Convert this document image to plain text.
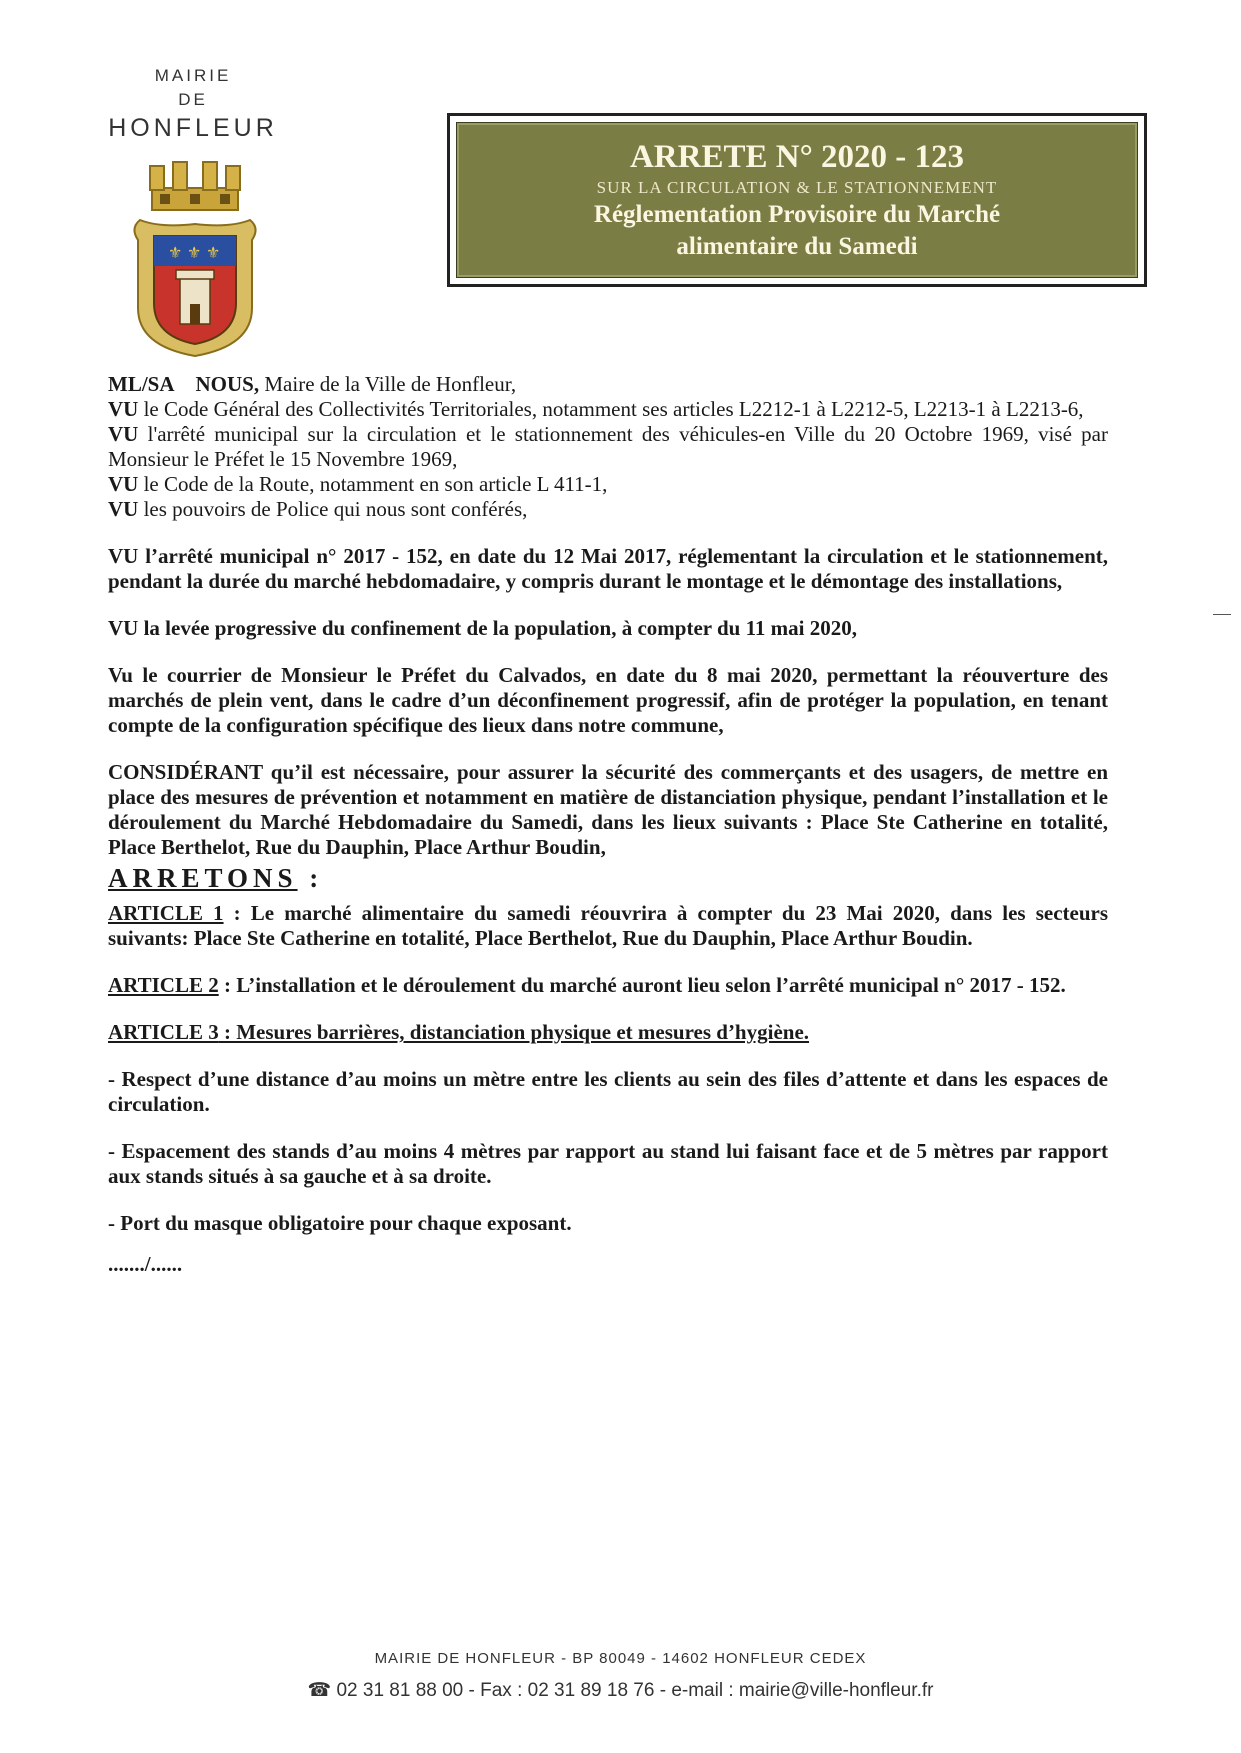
MAIRIE
DE
HONFLEUR
⚜ ⚜ ⚜
ARRETE N° 2020 - 123
SUR LA CIRCULATION & LE STATIONNEMENT
Réglementation Provisoire du Marché
alimentaire du Samedi

ML/SA NOUS, Maire de la Ville de Honfleur,

VU le Code Général des Collectivités Territoriales, notamment ses articles L2212-1 à L2212-5, L2213-1 à L2213-6,

VU l'arrêté municipal sur la circulation et le stationnement des véhicules-en Ville du 20 Octobre 1969, visé par Monsieur le Préfet le 15 Novembre 1969,

VU le Code de la Route, notamment en son article L 411-1,

VU les pouvoirs de Police qui nous sont conférés,

VU l’arrêté municipal n° 2017 - 152, en date du 12 Mai 2017, réglementant la circulation et le stationnement, pendant la durée du marché hebdomadaire, y compris durant le montage et le démontage des installations,

VU la levée progressive du confinement de la population, à compter du 11 mai 2020,

Vu le courrier de Monsieur le Préfet du Calvados, en date du 8 mai 2020, permettant la réouverture des marchés de plein vent, dans le cadre d’un déconfinement progressif, afin de protéger la population, en tenant compte de la configuration spécifique des lieux dans notre commune,

CONSIDÉRANT qu’il est nécessaire, pour assurer la sécurité des commerçants et des usagers, de mettre en place des mesures de prévention et notamment en matière de distanciation physique, pendant l’installation et le déroulement du Marché Hebdomadaire du Samedi, dans les lieux suivants : Place Ste Catherine en totalité, Place Berthelot, Rue du Dauphin, Place Arthur Boudin,

ARRETONS :

ARTICLE 1 : Le marché alimentaire du samedi réouvrira à compter du 23 Mai 2020, dans les secteurs suivants: Place Ste Catherine en totalité, Place Berthelot, Rue du Dauphin, Place Arthur Boudin.

ARTICLE 2 : L’installation et le déroulement du marché auront lieu selon l’arrêté municipal n° 2017 - 152.

ARTICLE 3 : Mesures barrières, distanciation physique et mesures d’hygiène.

- Respect d’une distance d’au moins un mètre entre les clients au sein des files d’attente et dans les espaces de circulation.

- Espacement des stands d’au moins 4 mètres par rapport au stand lui faisant face et de 5 mètres par rapport aux stands situés à sa gauche et à sa droite.

- Port du masque obligatoire pour chaque exposant.

......./......

MAIRIE DE HONFLEUR - BP 80049 - 14602 HONFLEUR CEDEX
☎ 02 31 81 88 00 - Fax : 02 31 89 18 76 - e-mail : mairie@ville-honfleur.fr
